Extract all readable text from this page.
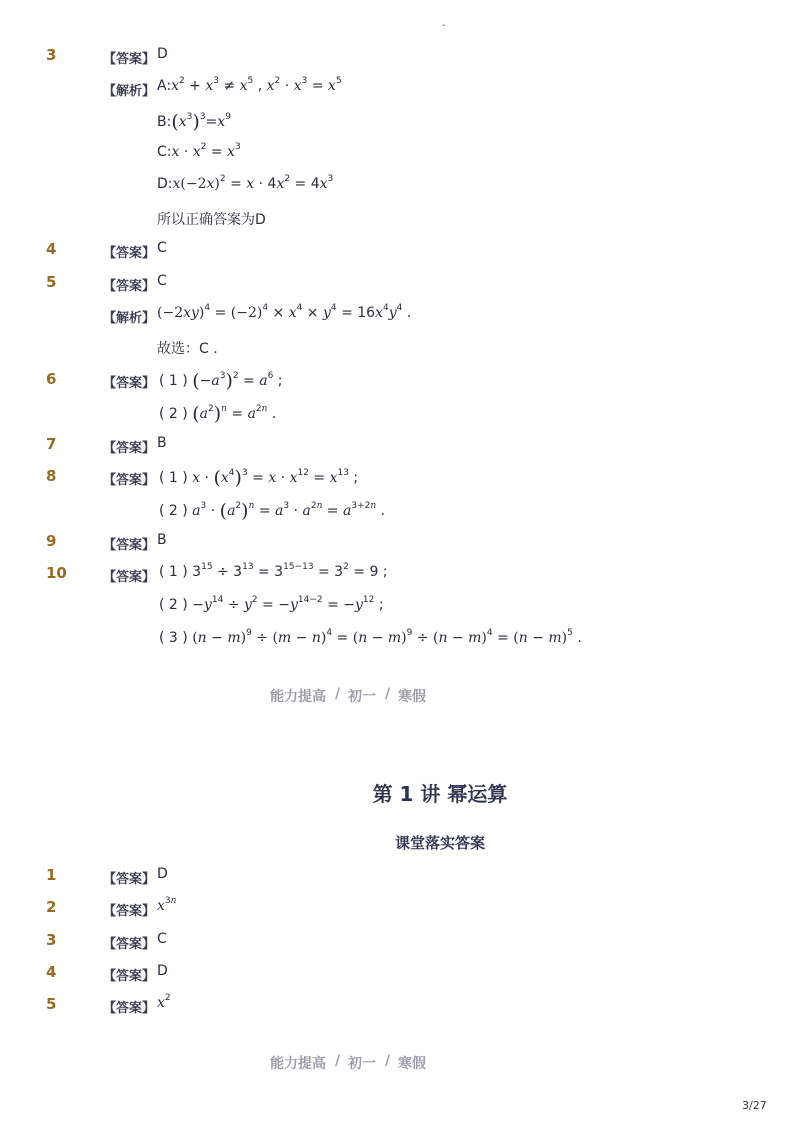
-
3	【答案】 D
【解析】 $A:x^2 + x^3 \ne x^5$ , $x^2 \cdot x^3 = x^5$
$B:(x^3)^3=x^9$
C:x · $x^2 = x^3$
$D:x(-2x)^2 = x \cdot 4x^2 = 4x^3$
所以正确答案为D
4	【答案】 C
5	【答案】 C
【解析】 $(-2xy)^4 = (-2)^4 \times x^4 \times y^4 = 16x^4y^4$ .
故选：C .
6	【答案】 ( 1 ) $(-a^3)^2 = a^6$ ;
( 2 ) $(a^2)^n = a^{2n}$ .
7	【答案】 B
8	【答案】 ( 1 ) $x \cdot (x^4)^3 = x \cdot x^{12} = x^{13}$ ;
( 2 ) $a^3 \cdot (a^2)^n = a^3 \cdot a^{2n} = a^{3+2n}$ .
9	【答案】 B
10	【答案】 ( 1 ) $3^{15} \div 3^{13} = 3^{15-13} = 3^2 = 9$ ;
( 2 ) $-y^{14} \div y^2 = -y^{14-2} = -y^{12}$ ;
( 3 ) $(n - m)^9 \div (m - n)^4 = (n - m)^9 \div (n - m)^4 = (n - m)^5$ .
能力提高 / 初一 / 寒假
第 1 讲 幂运算
课堂落实答案
1	【答案】 D
2	【答案】 $x^{3n}$
3	【答案】 C
4	【答案】 D
5	【答案】 $x^2$
能力提高 / 初一 / 寒假
3/27
